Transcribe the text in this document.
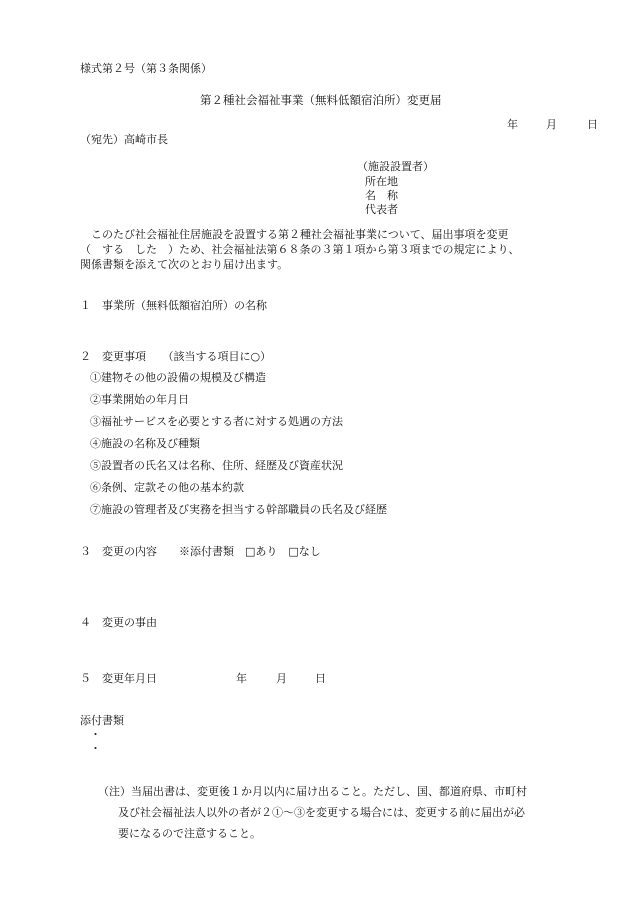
様式第２号（第３条関係）
第２種社会福祉事業（無料低額宿泊所）変更届
年	月	日
（宛先）高崎市長
（施設設置者）
所在地
名　称
代表者
　このたび社会福祉住居施設を設置する第２種社会福祉事業について、届出事項を変更
（　する　した　）ため、社会福祉法第６８条の３第１項から第３項までの規定により、
関係書類を添えて次のとおり届け出ます。
１　事業所（無料低額宿泊所）の名称
２　変更事項　　（該当する項目に○）
①建物その他の設備の規模及び構造
②事業開始の年月日
③福祉サービスを必要とする者に対する処遇の方法
④施設の名称及び種類
⑤設置者の氏名又は名称、住所、経歴及び資産状況
⑥条例、定款その他の基本約款
⑦施設の管理者及び実務を担当する幹部職員の氏名及び経歴
３　変更の内容　　※添付書類　□あり　□なし
４　変更の事由
５　変更年月日	年	月	日
添付書類
・
・
（注）当届出書は、変更後１か月以内に届け出ること。ただし、国、都道府県、市町村
及び社会福祉法人以外の者が２①～③を変更する場合には、変更する前に届出が必
要になるので注意すること。
